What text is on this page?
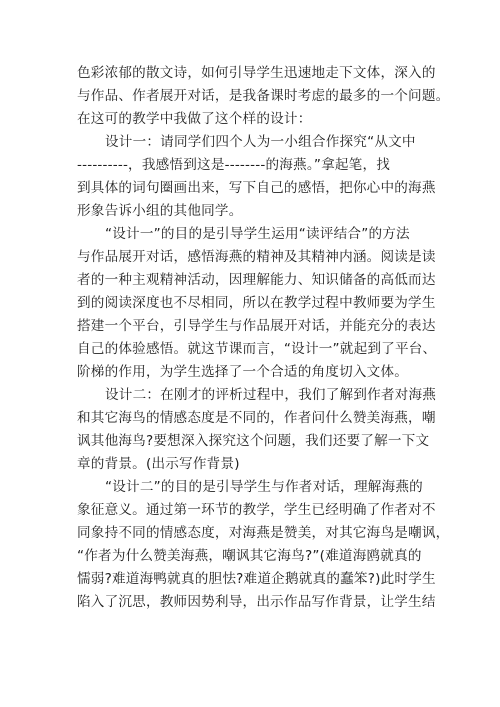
色彩浓郁的散文诗，如何引导学生迅速地走下文体，深入的
与作品、作者展开对话，是我备课时考虑的最多的一个问题。
在这可的教学中我做了这个样的设计：

设计一：请同学们四个人为一小组合作探究“从文中
----------，我感悟到这是--------的海燕。”拿起笔，找
到具体的词句圈画出来，写下自己的感悟，把你心中的海燕
形象告诉小组的其他同学。

“设计一”的目的是引导学生运用“读评结合”的方法
与作品展开对话，感悟海燕的精神及其精神内涵。阅读是读
者的一种主观精神活动，因理解能力、知识储备的高低而达
到的阅读深度也不尽相同，所以在教学过程中教师要为学生
搭建一个平台，引导学生与作品展开对话，并能充分的表达
自己的体验感悟。就这节课而言，“设计一”就起到了平台、
阶梯的作用，为学生选择了一个合适的角度切入文体。

设计二：在刚才的评析过程中，我们了解到作者对海燕
和其它海鸟的情感态度是不同的，作者问什么赞美海燕，嘲
讽其他海鸟?要想深入探究这个问题，我们还要了解一下文
章的背景。(出示写作背景)

“设计二”的目的是引导学生与作者对话，理解海燕的
象征意义。通过第一环节的教学，学生已经明确了作者对不
同象持不同的情感态度，对海燕是赞美，对其它海鸟是嘲讽，
“作者为什么赞美海燕，嘲讽其它海鸟?”(难道海鸥就真的
懦弱?难道海鸭就真的胆怯?难道企鹅就真的蠢笨?)此时学生
陷入了沉思，教师因势利导，出示作品写作背景，让学生结
